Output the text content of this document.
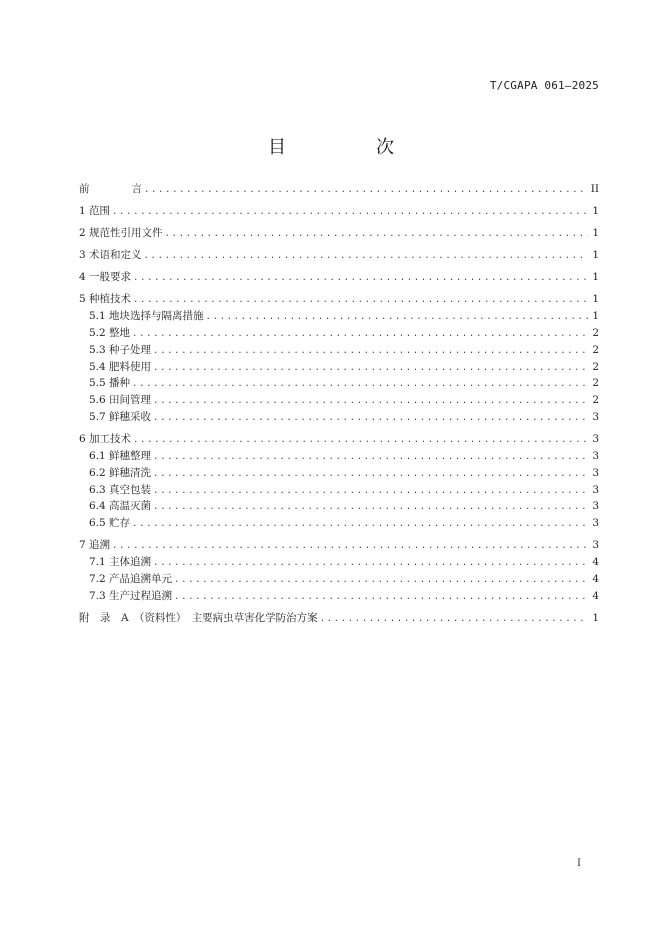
T/CGAPA 061—2025
目　次
前　　　　言 .....	II
1 范围 .....	1
2 规范性引用文件 .....	1
3 术语和定义 .....	1
4 一般要求 .....	1
5 种植技术 .....	1
5.1 地块选择与隔离措施 .....	1
5.2 整地 .....	2
5.3 种子处理 .....	2
5.4 肥料使用 .....	2
5.5 播种 .....	2
5.6 田间管理 .....	2
5.7 鲜穗采收 .....	3
6 加工技术 .....	3
6.1 鲜穗整理 .....	3
6.2 鲜穗清洗 .....	3
6.3 真空包装 .....	3
6.4 高温灭菌 .....	3
6.5 贮存 .....	3
7 追溯 .....	3
7.1 主体追溯 .....	4
7.2 产品追溯单元 .....	4
7.3 生产过程追溯 .....	4
附　录　A　（资料性）　主要病虫草害化学防治方案 .....	1
I
